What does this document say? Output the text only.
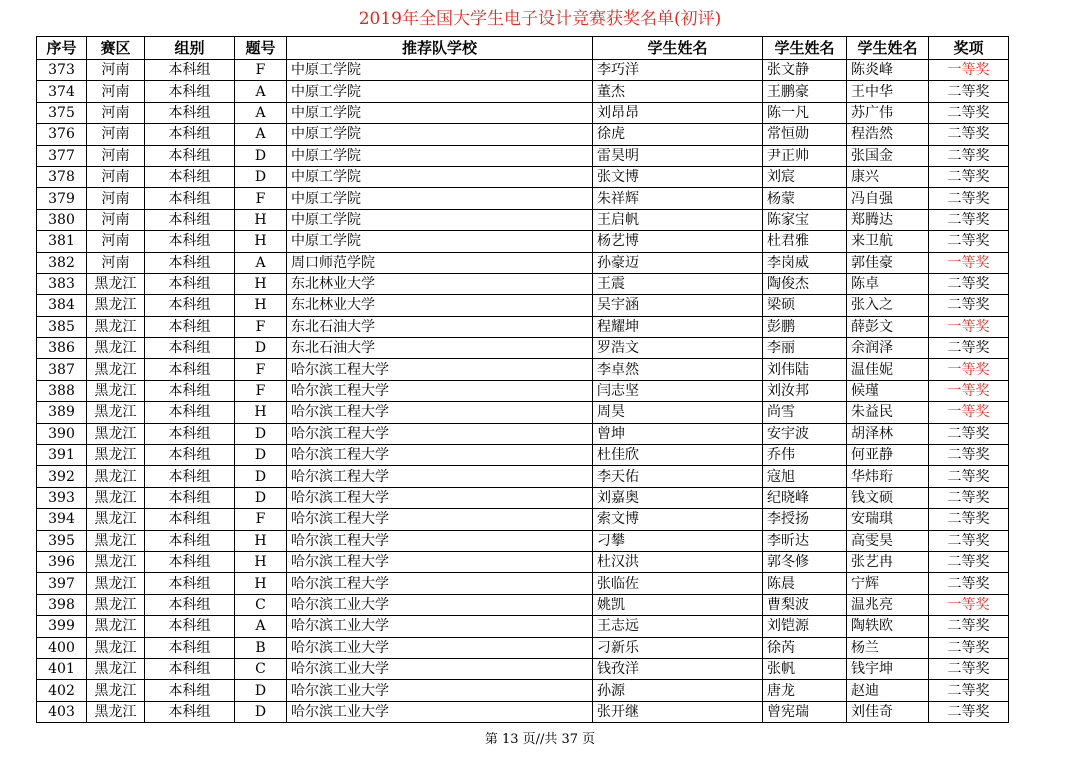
2019年全国大学生电子设计竞赛获奖名单(初评)
序号	赛区	组别	题号	推荐队学校	学生姓名	学生姓名	学生姓名	奖项
373	河南	本科组	F	中原工学院	李巧洋	张文静	陈炎峰	一等奖
374	河南	本科组	A	中原工学院	董杰	王鹏豪	王中华	二等奖
375	河南	本科组	A	中原工学院	刘昂昂	陈一凡	苏广伟	二等奖
376	河南	本科组	A	中原工学院	徐虎	常恒勋	程浩然	二等奖
377	河南	本科组	D	中原工学院	雷昊明	尹正帅	张国金	二等奖
378	河南	本科组	D	中原工学院	张文博	刘宸	康兴	二等奖
379	河南	本科组	F	中原工学院	朱祥辉	杨蒙	冯自强	二等奖
380	河南	本科组	H	中原工学院	王启帆	陈家宝	郑腾达	二等奖
381	河南	本科组	H	中原工学院	杨艺博	杜君雅	来卫航	二等奖
382	河南	本科组	A	周口师范学院	孙豪迈	李岗威	郭佳豪	一等奖
383	黑龙江	本科组	H	东北林业大学	王震	陶俊杰	陈卓	二等奖
384	黑龙江	本科组	H	东北林业大学	吴宇涵	梁硕	张入之	二等奖
385	黑龙江	本科组	F	东北石油大学	程耀坤	彭鹏	薛彭文	一等奖
386	黑龙江	本科组	D	东北石油大学	罗浩文	李丽	余润泽	二等奖
387	黑龙江	本科组	F	哈尔滨工程大学	李卓然	刘伟陆	温佳妮	一等奖
388	黑龙江	本科组	F	哈尔滨工程大学	闫志坚	刘汝邦	候瑾	一等奖
389	黑龙江	本科组	H	哈尔滨工程大学	周昊	尚雪	朱益民	一等奖
390	黑龙江	本科组	D	哈尔滨工程大学	曾坤	安宇波	胡泽林	二等奖
391	黑龙江	本科组	D	哈尔滨工程大学	杜佳欣	乔伟	何亚静	二等奖
392	黑龙江	本科组	D	哈尔滨工程大学	李天佑	寇旭	华炜珩	二等奖
393	黑龙江	本科组	D	哈尔滨工程大学	刘嘉奥	纪晓峰	钱文硕	二等奖
394	黑龙江	本科组	F	哈尔滨工程大学	索文博	李授扬	安瑞琪	二等奖
395	黑龙江	本科组	H	哈尔滨工程大学	刁攀	李昕达	高雯昊	二等奖
396	黑龙江	本科组	H	哈尔滨工程大学	杜汉洪	郭冬修	张艺冉	二等奖
397	黑龙江	本科组	H	哈尔滨工程大学	张临佐	陈晨	宁辉	二等奖
398	黑龙江	本科组	C	哈尔滨工业大学	姚凯	曹梨波	温兆亮	一等奖
399	黑龙江	本科组	A	哈尔滨工业大学	王志远	刘铠源	陶轶欧	二等奖
400	黑龙江	本科组	B	哈尔滨工业大学	刁新乐	徐芮	杨兰	二等奖
401	黑龙江	本科组	C	哈尔滨工业大学	钱孜洋	张帆	钱宇坤	二等奖
402	黑龙江	本科组	D	哈尔滨工业大学	孙源	唐龙	赵迪	二等奖
403	黑龙江	本科组	D	哈尔滨工业大学	张开继	曾宪瑞	刘佳奇	二等奖
第 13 页//共 37 页
